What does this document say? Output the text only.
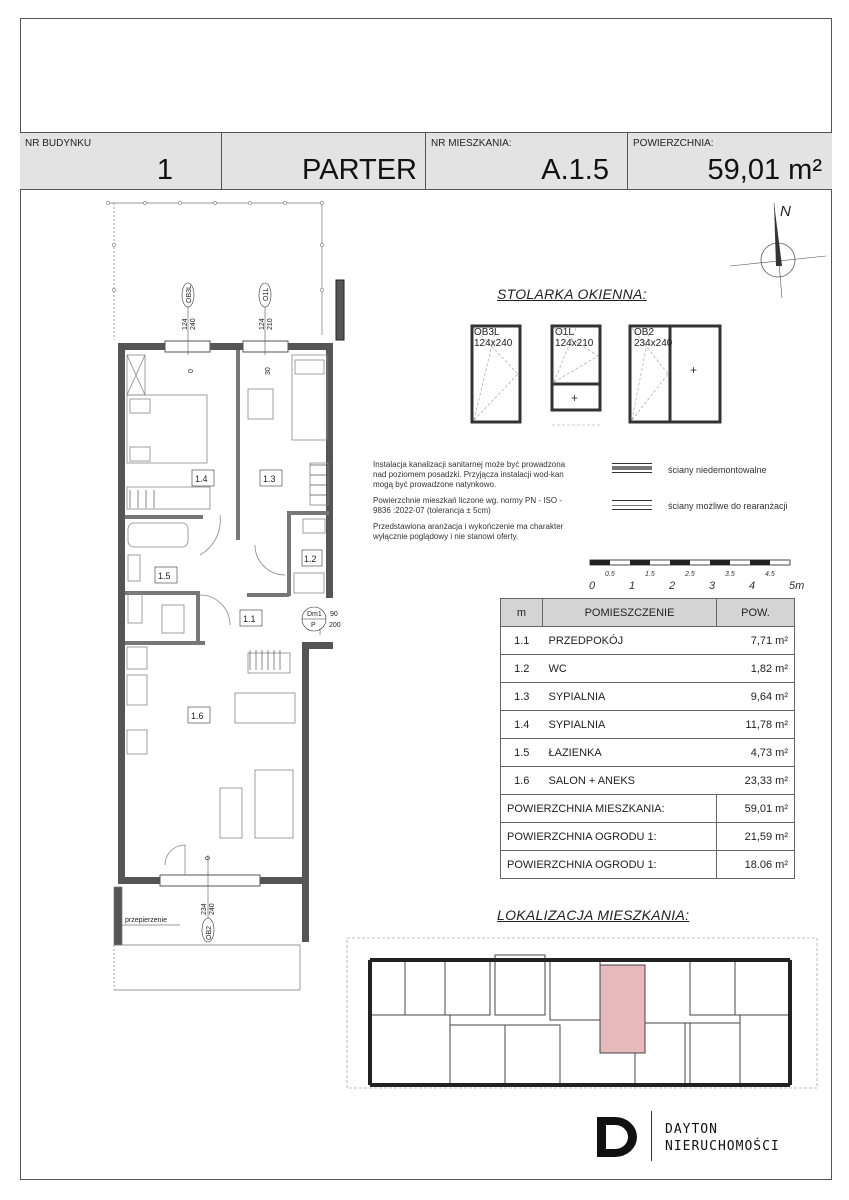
NR BUDYNKU
1	PARTER
NR MIESZKANIA:
A.1.5
POWIERZCHNIA:
59,01 m²
1.1
1.2
1.3
1.4
1.5
1.6
OB3L	O1L
OB2
124 240	124 210
234 240
0	30
0
Dm1
P
90
200
przepierzenie
N
STOLARKA OKIENNA:
+
+
OB3L
124x240
O1L
124x210
OB2
234x240

Instalacja kanalizacji sanitarnej może być prowadzona nad poziomem posadzki. Przyjącza instalacji wod-kan mogą być prowadzone natynkowo.

Powierzchnie mieszkań liczone wg. normy PN - ISO - 9836 :2022-07 (tolerancja ± 5cm)

Przedstawiona aranżacja i wykończenie ma charakter wyłącznie poglądowy i nie stanowi oferty.

ściany niedemontowalne
ściany możliwe do rearanżacji
0	1	2	3	4	5m
0.5	1.5	2.5	3.5	4.5
m	POMIESZCZENIE	POW.
1.1	PRZEDPOKÓJ	7,71 m²
1.2	WC	1,82 m²
1.3	SYPIALNIA	9,64 m²
1.4	SYPIALNIA	11,78 m²
1.5	ŁAZIENKA	4,73 m²
1.6	SALON + ANEKS	23,33 m²
POWIERZCHNIA MIESZKANIA:		59,01 m²
POWIERZCHNIA OGRODU 1:		21,59 m²
POWIERZCHNIA OGRODU 1:		18.06 m²
LOKALIZACJA MIESZKANIA:
DAYTON
NIERUCHOMOŚCI
